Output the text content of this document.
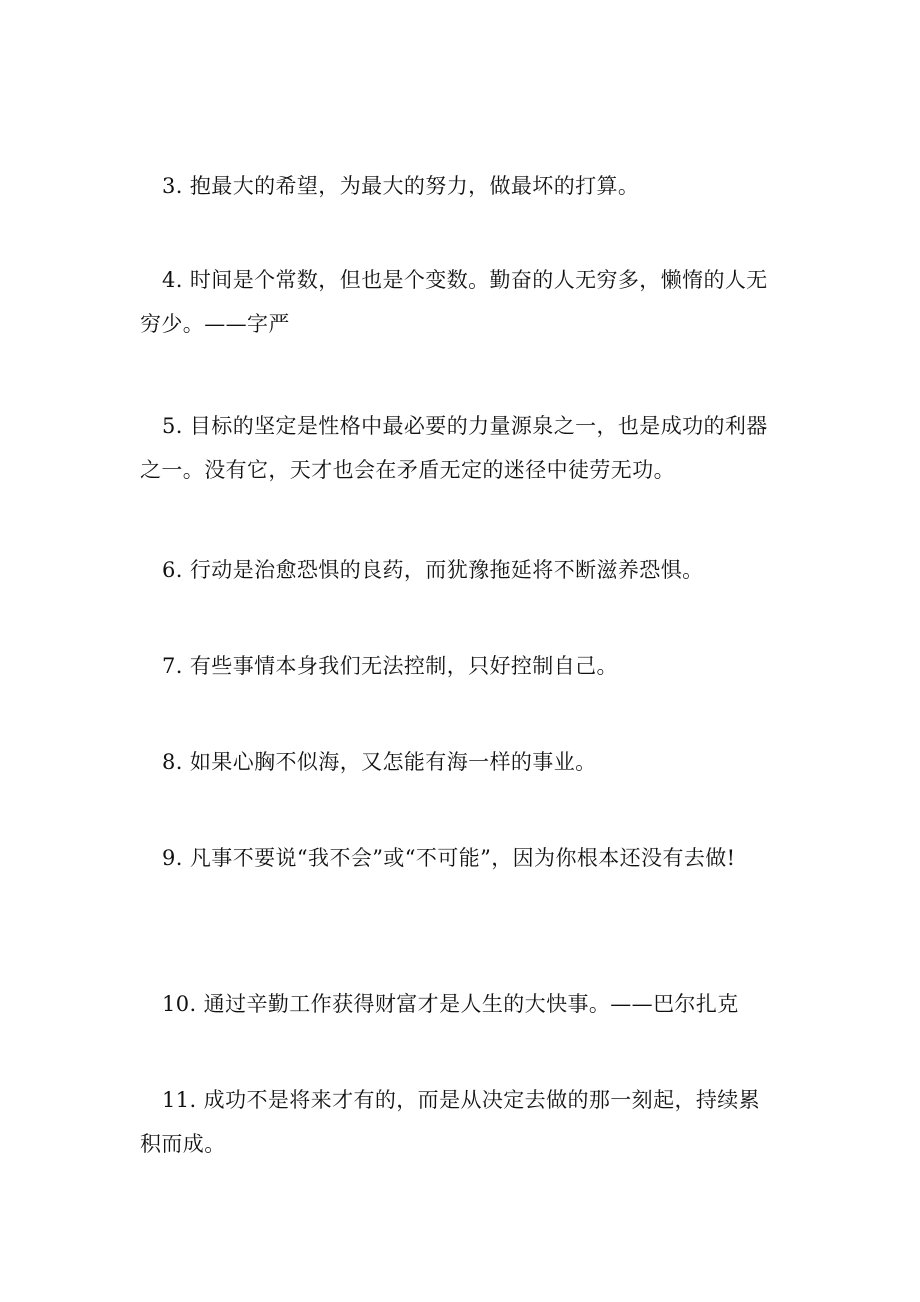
3. 抱最大的希望，为最大的努力，做最坏的打算。

4. 时间是个常数，但也是个变数。勤奋的人无穷多，懒惰的人无
穷少。——字严

5. 目标的坚定是性格中最必要的力量源泉之一，也是成功的利器
之一。没有它，天才也会在矛盾无定的迷径中徒劳无功。

6. 行动是治愈恐惧的良药，而犹豫拖延将不断滋养恐惧。

7. 有些事情本身我们无法控制，只好控制自己。

8. 如果心胸不似海，又怎能有海一样的事业。

9. 凡事不要说“我不会”或“不可能”，因为你根本还没有去做!

10. 通过辛勤工作获得财富才是人生的大快事。——巴尔扎克

11. 成功不是将来才有的，而是从决定去做的那一刻起，持续累
积而成。
